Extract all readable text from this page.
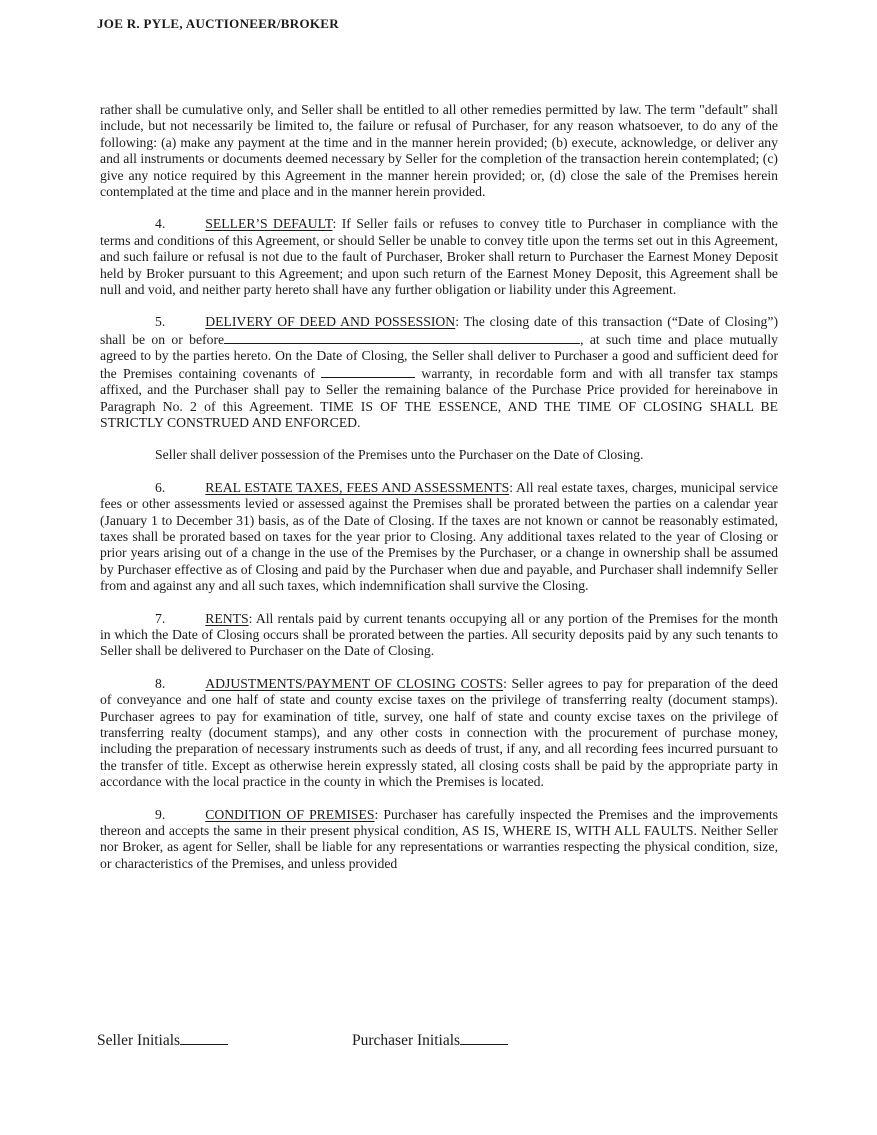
JOE R. PYLE, AUCTIONEER/BROKER

rather shall be cumulative only, and Seller shall be entitled to all other remedies permitted by law. The term "default" shall include, but not necessarily be limited to, the failure or refusal of Purchaser, for any reason whatsoever, to do any of the following: (a) make any payment at the time and in the manner herein provided; (b) execute, acknowledge, or deliver any and all instruments or documents deemed necessary by Seller for the completion of the transaction herein contemplated; (c) give any notice required by this Agreement in the manner herein provided; or, (d) close the sale of the Premises herein contemplated at the time and place and in the manner herein provided.

4.	SELLER’S DEFAULT: If Seller fails or refuses to convey title to Purchaser in compliance with the terms and conditions of this Agreement, or should Seller be unable to convey title upon the terms set out in this Agreement, and such failure or refusal is not due to the fault of Purchaser, Broker shall return to Purchaser the Earnest Money Deposit held by Broker pursuant to this Agreement; and upon such return of the Earnest Money Deposit, this Agreement shall be null and void, and neither party hereto shall have any further obligation or liability under this Agreement.

5.	DELIVERY OF DEED AND POSSESSION: The closing date of this transaction (“Date of Closing”) shall be on or before	, at such time and place mutually agreed to by the parties hereto. On the Date of Closing, the Seller shall deliver to Purchaser a good and sufficient deed for the Premises containing covenants of	warranty, in recordable form and with all transfer tax stamps affixed, and the Purchaser shall pay to Seller the remaining balance of the Purchase Price provided for hereinabove in Paragraph No. 2 of this Agreement. TIME IS OF THE ESSENCE, AND THE TIME OF CLOSING SHALL BE STRICTLY CONSTRUED AND ENFORCED.

Seller shall deliver possession of the Premises unto the Purchaser on the Date of Closing.

6.	REAL ESTATE TAXES, FEES AND ASSESSMENTS: All real estate taxes, charges, municipal service fees or other assessments levied or assessed against the Premises shall be prorated between the parties on a calendar year (January 1 to December 31) basis, as of the Date of Closing. If the taxes are not known or cannot be reasonably estimated, taxes shall be prorated based on taxes for the year prior to Closing. Any additional taxes related to the year of Closing or prior years arising out of a change in the use of the Premises by the Purchaser, or a change in ownership shall be assumed by Purchaser effective as of Closing and paid by the Purchaser when due and payable, and Purchaser shall indemnify Seller from and against any and all such taxes, which indemnification shall survive the Closing.

7.	RENTS: All rentals paid by current tenants occupying all or any portion of the Premises for the month in which the Date of Closing occurs shall be prorated between the parties. All security deposits paid by any such tenants to Seller shall be delivered to Purchaser on the Date of Closing.

8.	ADJUSTMENTS/PAYMENT OF CLOSING COSTS: Seller agrees to pay for preparation of the deed of conveyance and one half of state and county excise taxes on the privilege of transferring realty (document stamps). Purchaser agrees to pay for examination of title, survey, one half of state and county excise taxes on the privilege of transferring realty (document stamps), and any other costs in connection with the procurement of purchase money, including the preparation of necessary instruments such as deeds of trust, if any, and all recording fees incurred pursuant to the transfer of title. Except as otherwise herein expressly stated, all closing costs shall be paid by the appropriate party in accordance with the local practice in the county in which the Premises is located.

9.	CONDITION OF PREMISES: Purchaser has carefully inspected the Premises and the improvements thereon and accepts the same in their present physical condition, AS IS, WHERE IS, WITH ALL FAULTS. Neither Seller nor Broker, as agent for Seller, shall be liable for any representations or warranties respecting the physical condition, size, or characteristics of the Premises, and unless provided

Seller Initials	Purchaser Initials
